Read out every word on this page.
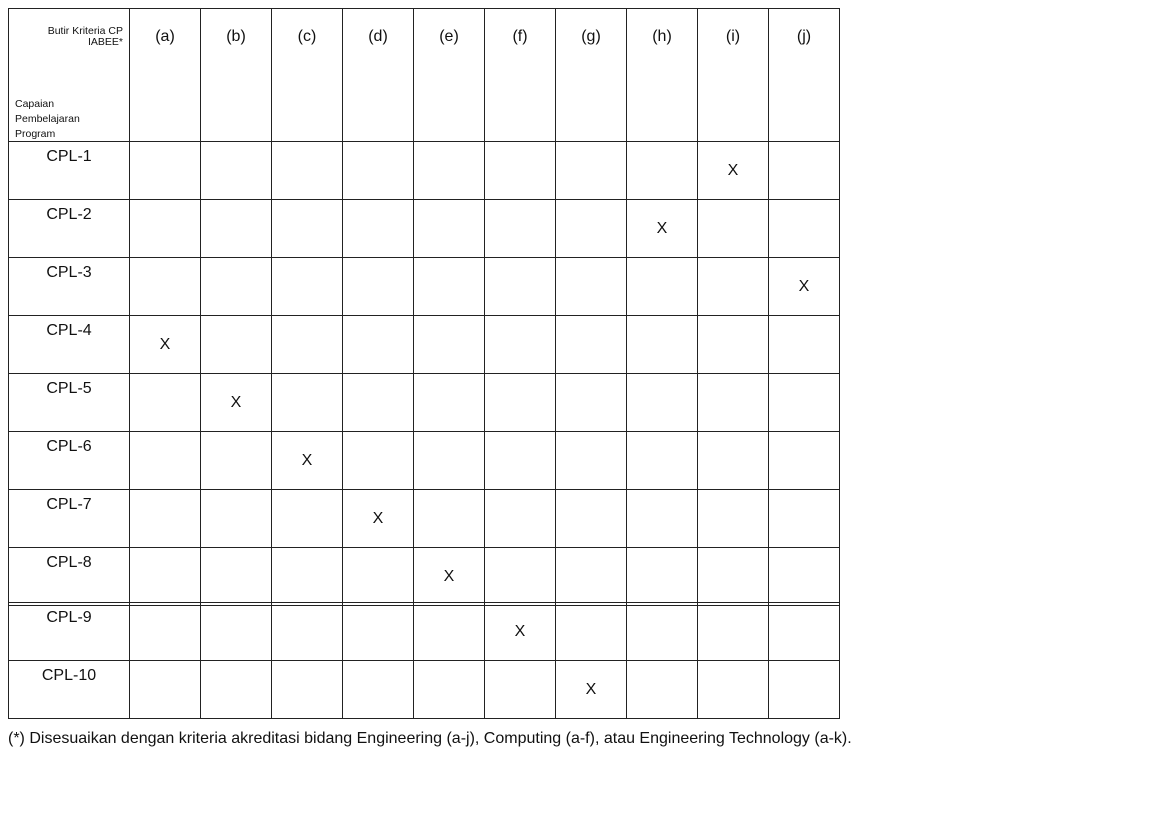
Butir Kriteria CP
IABEE*
Capaian
Pembelajaran
Program	(a)	(b)	(c)	(d)	(e)	(f)	(g)	(h)	(i)	(j)

CPL-1									X	

CPL-2								X		

CPL-3										X

CPL-4	X									

CPL-5		X								

CPL-6			X							

CPL-7				X						

CPL-8					X					

CPL-9						X				

CPL-10							X			

(*) Disesuaikan dengan kriteria akreditasi bidang Engineering (a-j), Computing (a-f), atau Engineering Technology (a-k).
